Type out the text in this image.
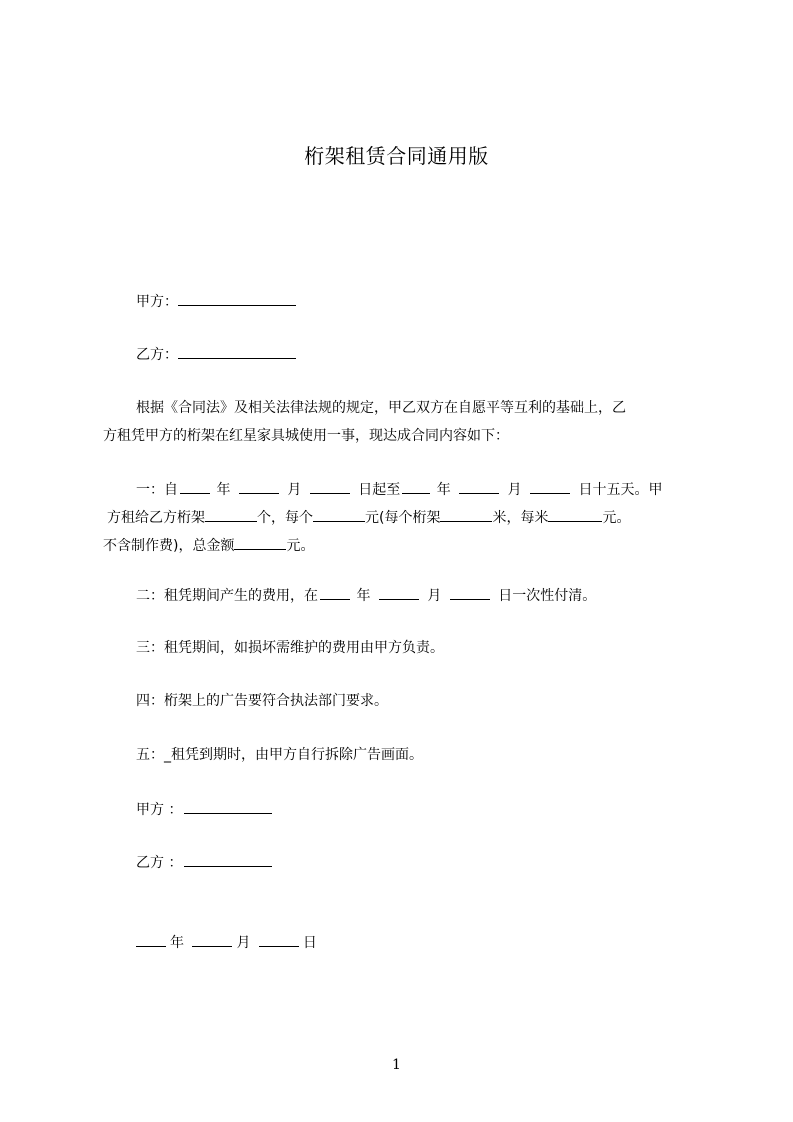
桁架租赁合同通用版
甲方：
乙方：
根据《合同法》及相关法律法规的规定，甲乙双方在自愿平等互利的基础上，乙
方租凭甲方的桁架在红星家具城使用一事，现达成合同内容如下：
一：自	年	月	日起至	年	月	日十五天。甲
方租给乙方桁架	个，每个	元(每个桁架	米，每米	元。
不含制作费)，总金额	元。
二：租凭期间产生的费用，在	年	月	日一次性付清。
三：租凭期间，如损坏需维护的费用由甲方负责。
四：桁架上的广告要符合执法部门要求。
五：_租凭到期时，由甲方自行拆除广告画面。
甲方 ：
乙方 ：
年	月	日
1
